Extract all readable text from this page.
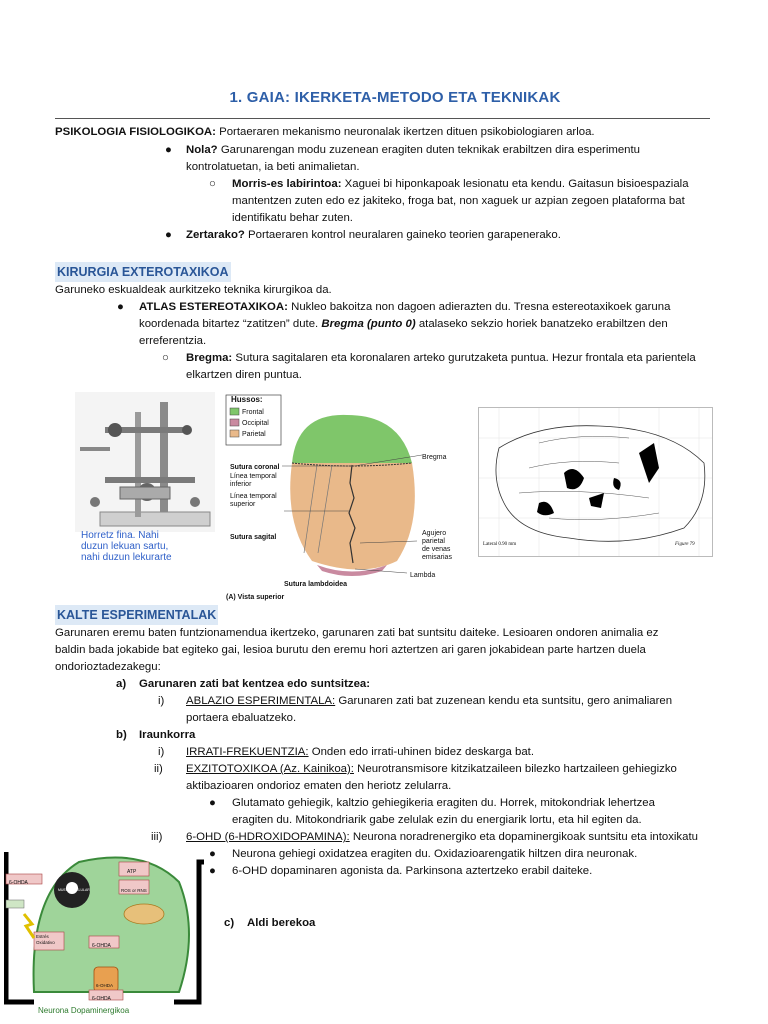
1. GAIA: IKERKETA-METODO ETA TEKNIKAK
PSIKOLOGIA FISIOLOGIKOA: Portaeraren mekanismo neuronalak ikertzen dituen psikobiologiaren arloa.
● Nola? Garunarengan modu zuzenean eragiten duten teknikak erabiltzen dira esperimentu
kontrolatuetan, ia beti animalietan.
○ Morris-es labirintoa: Xaguei bi hiponkapoak lesionatu eta kendu. Gaitasun bisioespaziala
mantentzen zuten edo ez jakiteko, froga bat, non xaguek ur azpian zegoen plataforma bat
identifikatu behar zuten.
● Zertarako? Portaeraren kontrol neuralaren gaineko teorien garapenerako.
KIRURGIA EXTEROTAXIKOA
Garuneko eskualdeak aurkitzeko teknika kirurgikoa da.
● ATLAS ESTEREOTAXIKOA: Nukleo bakoitza non dagoen adierazten du. Tresna estereotaxikoek garuna
koordenada bitartez “zatitzen” dute. Bregma (punto 0) atalaseko sekzio horiek banatzeko erabiltzen den
erreferentzia.
○ Bregma: Sutura sagitalaren eta koronalaren arteko gurutzaketa puntua. Hezur frontala eta parientela
elkartzen diren puntua.
Horretz fina. Nahi
duzun lekuan sartu,
nahi duzun lekurarte
Hussos:
Frontal
Occipital
Parietal
Sutura coronal
Línea temporal
inferior
Línea temporal
superior
Sutura sagital
Sutura lambdoidea
(A) Vista superior
Bregma
Agujero
parietal
de venas
emisarias
Lambda
Lateral 0.90 mm	Figure 79
KALTE ESPERIMENTALAK
Garunaren eremu baten funtzionamendua ikertzeko, garunaren zati bat suntsitu daiteke. Lesioaren ondoren animalia ez
baldin bada jokabide bat egiteko gai, lesioa burutu den eremu hori aztertzen ari garen jokabidean parte hartzen duela
ondorioztadezakegu:
a) Garunaren zati bat kentzea edo suntsitzea:
i) ABLAZIO ESPERIMENTALA: Garunaren zati bat zuzenean kendu eta suntsitu, gero animaliaren
portaera ebaluatzeko.
b) Iraunkorra
i) IRRATI-FREKUENTZIA: Onden edo irrati-uhinen bidez deskarga bat.
ii) EXZITOTOXIKOA (Az. Kainikoa): Neurotransmisore kitzikatzaileen bilezko hartzaileen gehiegizko
aktibazioaren ondorioz ematen den heriotz zelularra.
● Glutamato gehiegik, kaltzio gehiegikeria eragiten du. Horrek, mitokondriak lehertzea
eragiten du. Mitokondriarik gabe zelulak ezin du energiarik lortu, eta hil egiten da.
iii) 6-OHD (6-HDROXIDOPAMINA): Neurona noradrenergiko eta dopaminergikoak suntsitu eta intoxikatu
● Neurona gehiegi oxidatzea eragiten du. Oxidazioarengatik hiltzen dira neuronak.
● 6-OHD dopaminaren agonista da. Parkinsona aztertzeko erabil daiteke.
c) Aldi berekoa
6-OHDA
6-OHDA
ATP
ROS or RNS
Estrés Oxidativo
6-OHDA
6-OHDA
MUERTE CELULAR
Neurona Dopaminergikoa
